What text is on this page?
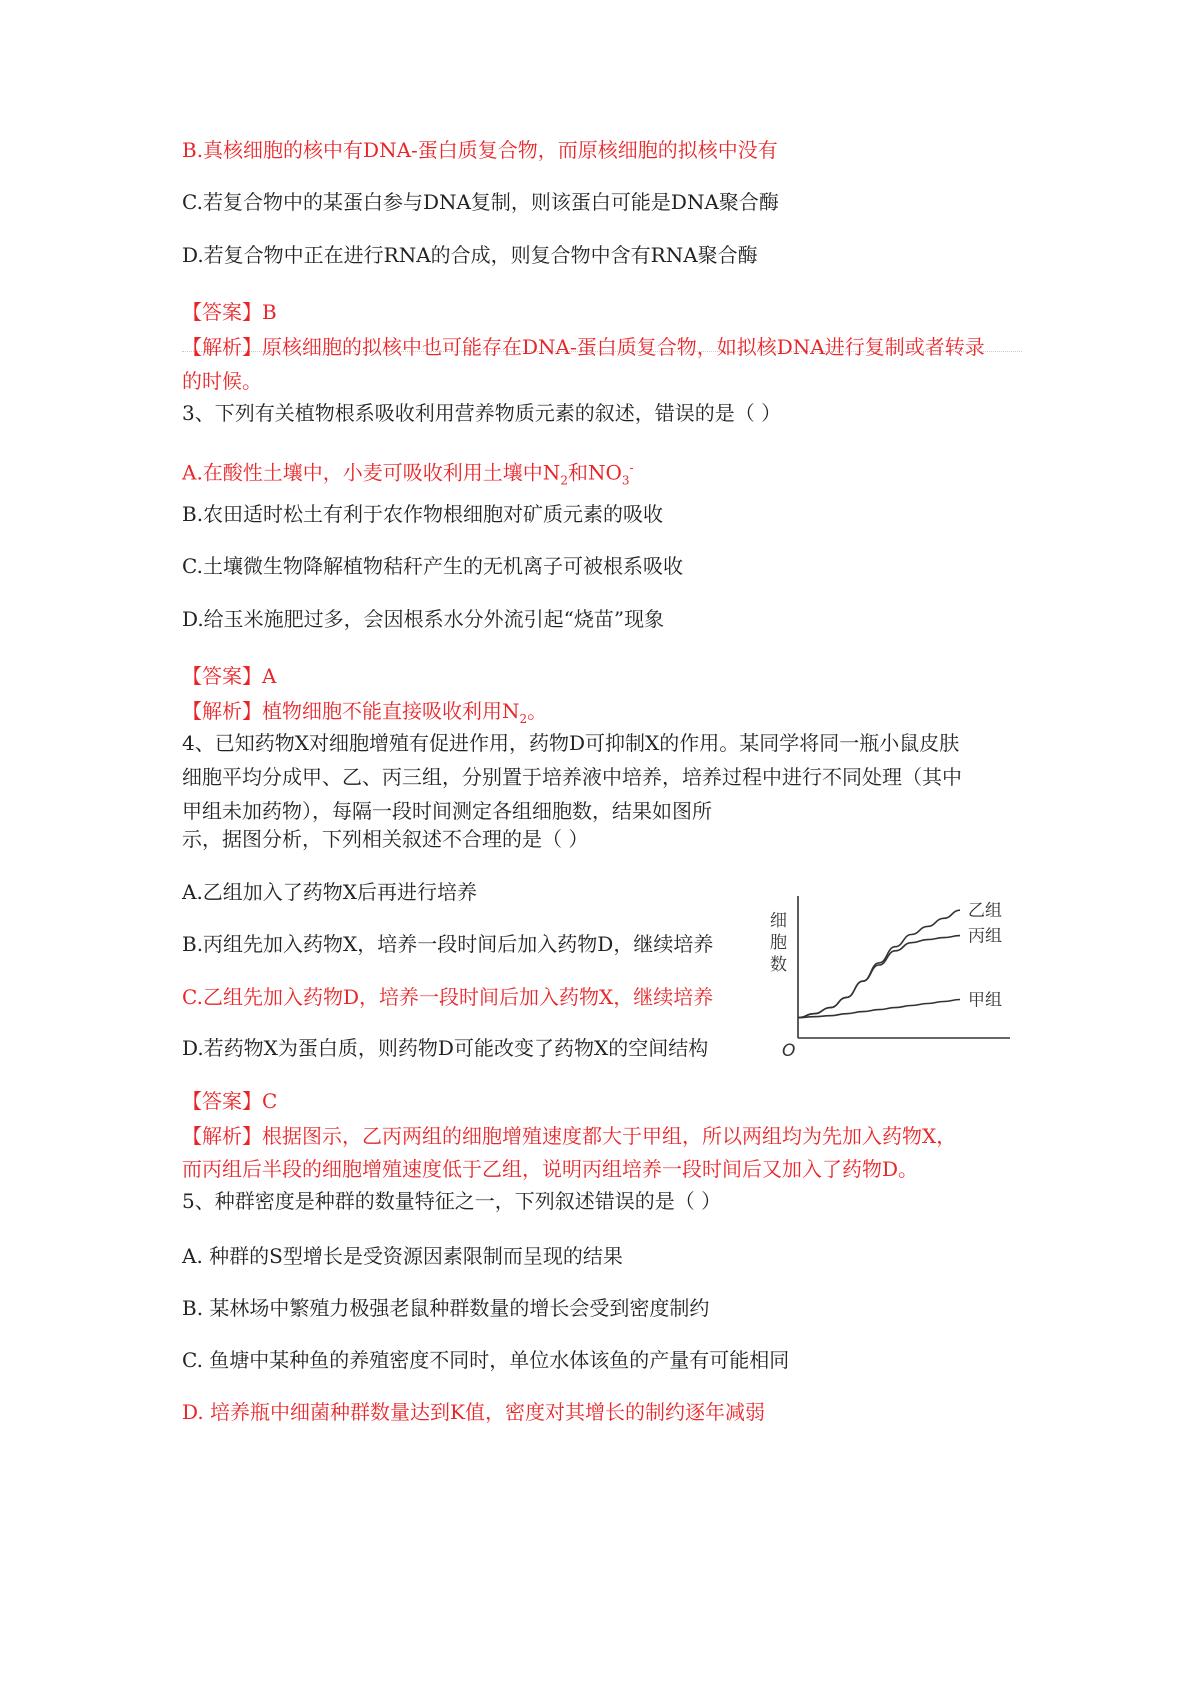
B.真核细胞的核中有DNA-蛋白质复合物，而原核细胞的拟核中没有
C.若复合物中的某蛋白参与DNA复制，则该蛋白可能是DNA聚合酶
D.若复合物中正在进行RNA的合成，则复合物中含有RNA聚合酶
【答案】B
【解析】原核细胞的拟核中也可能存在DNA-蛋白质复合物，如拟核DNA进行复制或者转录
的时候。
3、下列有关植物根系吸收利用营养物质元素的叙述，错误的是（ ）
A.在酸性土壤中，小麦可吸收利用土壤中$N_2$和$NO_3^-$
B.农田适时松土有利于农作物根细胞对矿质元素的吸收
C.土壤微生物降解植物秸秆产生的无机离子可被根系吸收
D.给玉米施肥过多，会因根系水分外流引起“烧苗”现象
【答案】A
【解析】植物细胞不能直接吸收利用$N_2$。
4、已知药物X对细胞增殖有促进作用，药物D可抑制X的作用。某同学将同一瓶小鼠皮肤
细胞平均分成甲、乙、丙三组，分别置于培养液中培养，培养过程中进行不同处理（其中
甲组未加药物），每隔一段时间测定各组细胞数，结果如图所
示，据图分析，下列相关叙述不合理的是（ ）
A.乙组加入了药物X后再进行培养
B.丙组先加入药物X，培养一段时间后加入药物D，继续培养
C.乙组先加入药物D，培养一段时间后加入药物X，继续培养
D.若药物X为蛋白质，则药物D可能改变了药物X的空间结构
细
胞
数
O
乙组
丙组
甲组
5、种群密度是种群的数量特征之一，下列叙述错误的是（ ）
A. 种群的S型增长是受资源因素限制而呈现的结果
B. 某林场中繁殖力极强老鼠种群数量的增长会受到密度制约
C. 鱼塘中某种鱼的养殖密度不同时，单位水体该鱼的产量有可能相同
D. 培养瓶中细菌种群数量达到K值，密度对其增长的制约逐年减弱
【答案】C
【解析】根据图示，乙丙两组的细胞增殖速度都大于甲组，所以两组均为先加入药物X，
而丙组后半段的细胞增殖速度低于乙组，说明丙组培养一段时间后又加入了药物D。
